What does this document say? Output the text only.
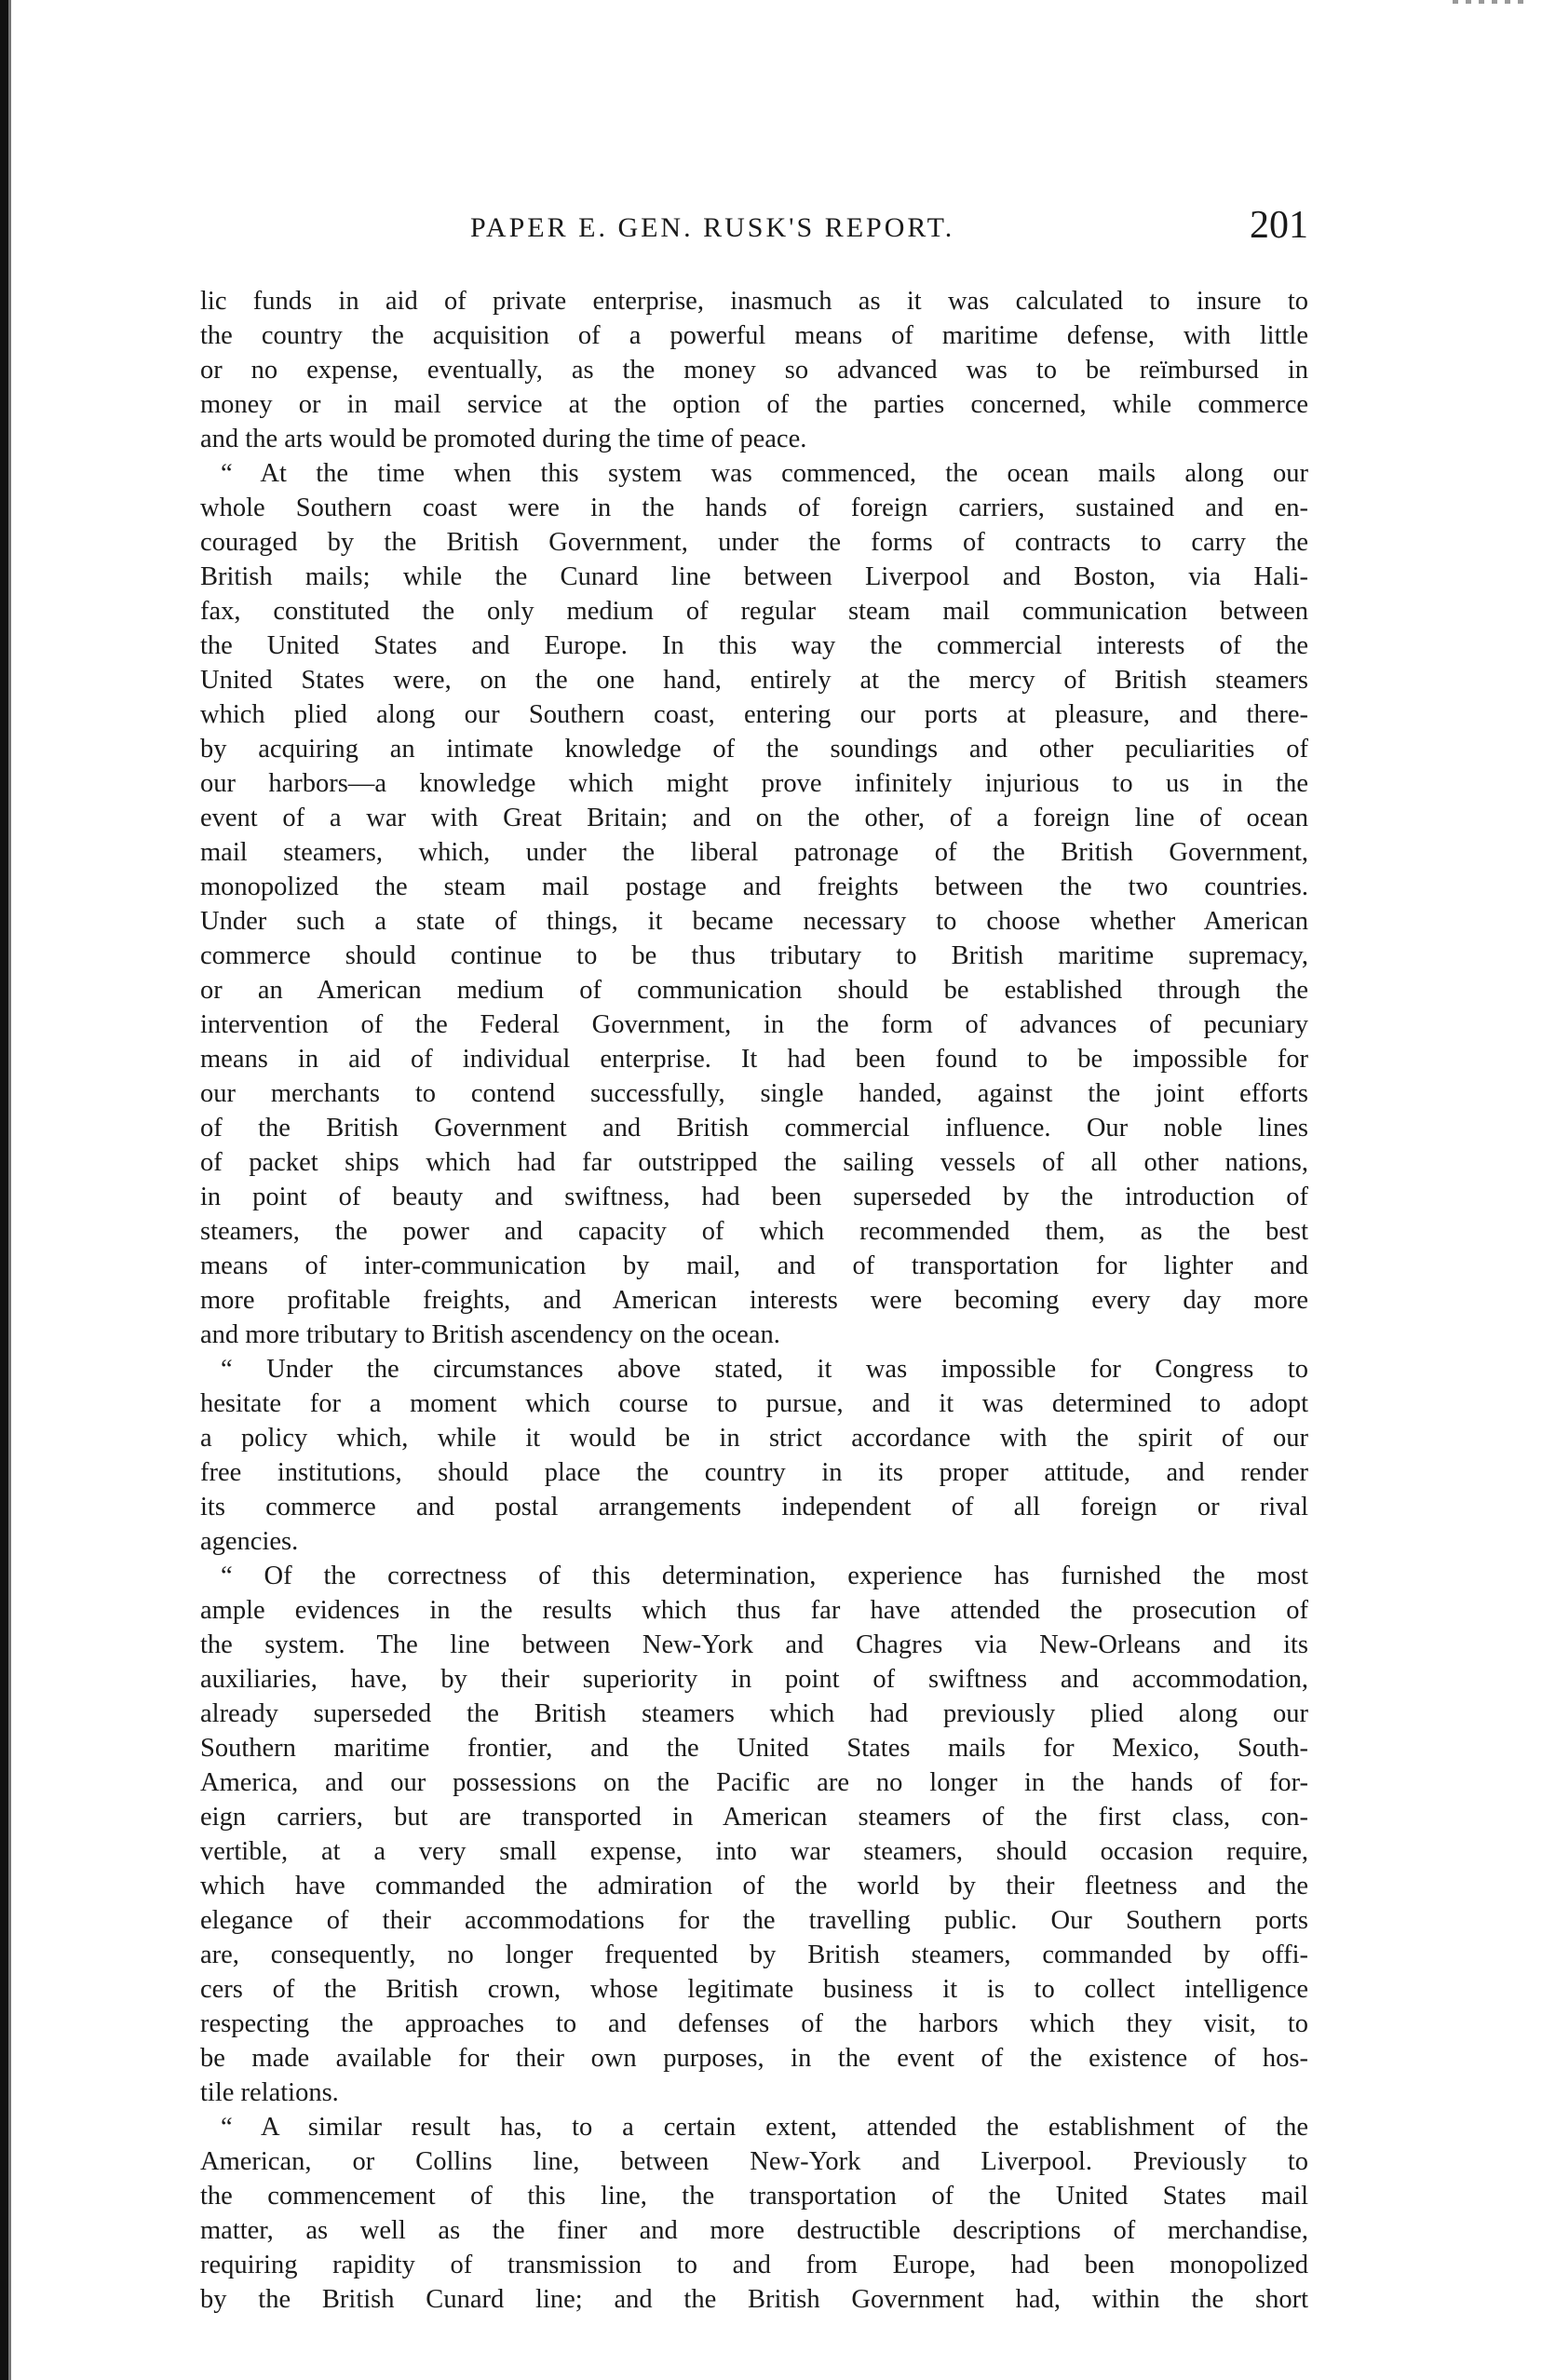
PAPER E. GEN. RUSK'S REPORT.	201
lic funds in aid of private enterprise, inasmuch as it was calculated to insure to
the country the acquisition of a powerful means of maritime defense, with little
or no expense, eventually, as the money so advanced was to be reïmbursed in
money or in mail service at the option of the parties concerned, while commerce
and the arts would be promoted during the time of peace.
“ At the time when this system was commenced, the ocean mails along our
whole Southern coast were in the hands of foreign carriers, sustained and en-
couraged by the British Government, under the forms of contracts to carry the
British mails; while the Cunard line between Liverpool and Boston, via Hali-
fax, constituted the only medium of regular steam mail communication between
the United States and Europe. In this way the commercial interests of the
United States were, on the one hand, entirely at the mercy of British steamers
which plied along our Southern coast, entering our ports at pleasure, and there-
by acquiring an intimate knowledge of the soundings and other peculiarities of
our harbors—a knowledge which might prove infinitely injurious to us in the
event of a war with Great Britain; and on the other, of a foreign line of ocean
mail steamers, which, under the liberal patronage of the British Government,
monopolized the steam mail postage and freights between the two countries.
Under such a state of things, it became necessary to choose whether American
commerce should continue to be thus tributary to British maritime supremacy,
or an American medium of communication should be established through the
intervention of the Federal Government, in the form of advances of pecuniary
means in aid of individual enterprise. It had been found to be impossible for
our merchants to contend successfully, single handed, against the joint efforts
of the British Government and British commercial influence. Our noble lines
of packet ships which had far outstripped the sailing vessels of all other nations,
in point of beauty and swiftness, had been superseded by the introduction of
steamers, the power and capacity of which recommended them, as the best
means of inter-communication by mail, and of transportation for lighter and
more profitable freights, and American interests were becoming every day more
and more tributary to British ascendency on the ocean.
“ Under the circumstances above stated, it was impossible for Congress to
hesitate for a moment which course to pursue, and it was determined to adopt
a policy which, while it would be in strict accordance with the spirit of our
free institutions, should place the country in its proper attitude, and render
its commerce and postal arrangements independent of all foreign or rival
agencies.
“ Of the correctness of this determination, experience has furnished the most
ample evidences in the results which thus far have attended the prosecution of
the system. The line between New-York and Chagres via New-Orleans and its
auxiliaries, have, by their superiority in point of swiftness and accommodation,
already superseded the British steamers which had previously plied along our
Southern maritime frontier, and the United States mails for Mexico, South-
America, and our possessions on the Pacific are no longer in the hands of for-
eign carriers, but are transported in American steamers of the first class, con-
vertible, at a very small expense, into war steamers, should occasion require,
which have commanded the admiration of the world by their fleetness and the
elegance of their accommodations for the travelling public. Our Southern ports
are, consequently, no longer frequented by British steamers, commanded by offi-
cers of the British crown, whose legitimate business it is to collect intelligence
respecting the approaches to and defenses of the harbors which they visit, to
be made available for their own purposes, in the event of the existence of hos-
tile relations.
“ A similar result has, to a certain extent, attended the establishment of the
American, or Collins line, between New-York and Liverpool. Previously to
the commencement of this line, the transportation of the United States mail
matter, as well as the finer and more destructible descriptions of merchandise,
requiring rapidity of transmission to and from Europe, had been monopolized
by the British Cunard line; and the British Government had, within the short
